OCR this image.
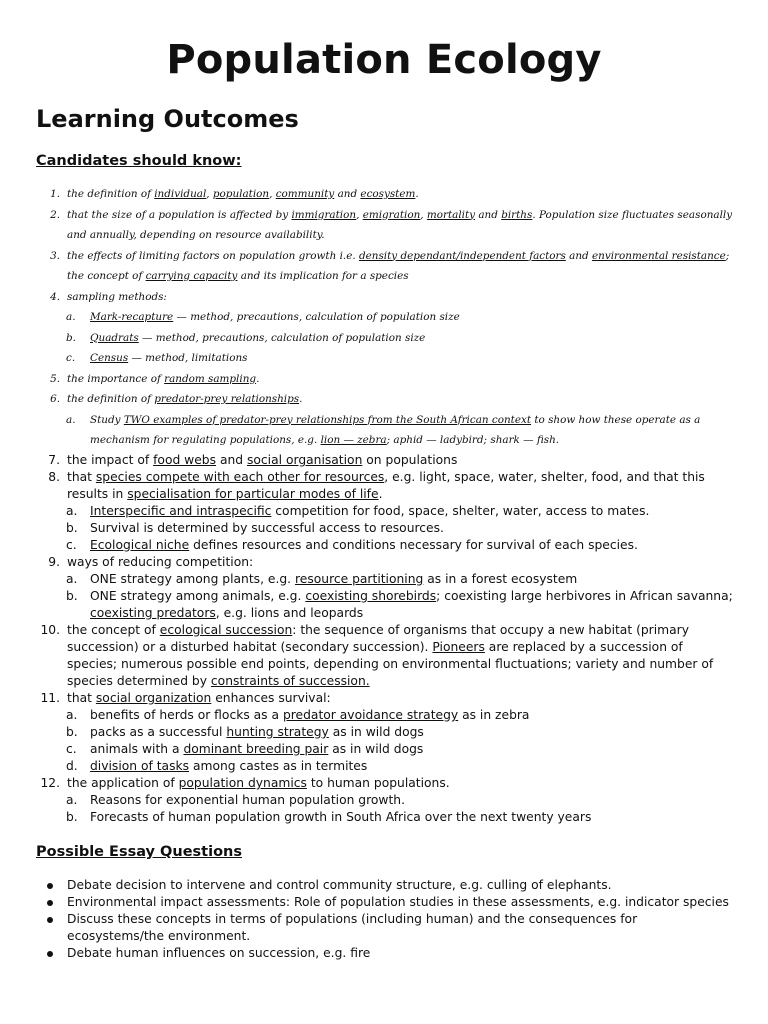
Population Ecology
Learning Outcomes
Candidates should know:
1. the definition of individual, population, community and ecosystem.
2. that the size of a population is affected by immigration, emigration, mortality and births. Population size fluctuates seasonally and annually, depending on resource availability.
3. the effects of limiting factors on population growth i.e. density dependant/independent factors and environmental resistance; the concept of carrying capacity and its implication for a species
4. sampling methods:
a.	Mark-recapture — method, precautions, calculation of population size
b.	Quadrats — method, precautions, calculation of population size
c.	Census — method, limitations
5. the importance of random sampling.
6. the definition of predator-prey relationships.
a.	Study TWO examples of predator-prey relationships from the South African context to show how these operate as a mechanism for regulating populations, e.g. lion — zebra; aphid — ladybird; shark — fish.
7. the impact of food webs and social organisation on populations
8. that species compete with each other for resources, e.g. light, space, water, shelter, food, and that this results in specialisation for particular modes of life.
a. Interspecific and intraspecific competition for food, space, shelter, water, access to mates.
b. Survival is determined by successful access to resources.
c. Ecological niche defines resources and conditions necessary for survival of each species.
9. ways of reducing competition:
a. ONE strategy among plants, e.g. resource partitioning as in a forest ecosystem
b. ONE strategy among animals, e.g. coexisting shorebirds; coexisting large herbivores in African savanna; coexisting predators, e.g. lions and leopards
10. the concept of ecological succession: the sequence of organisms that occupy a new habitat (primary succession) or a disturbed habitat (secondary succession). Pioneers are replaced by a succession of species; numerous possible end points, depending on environmental fluctuations; variety and number of species determined by constraints of succession.
11. that social organization enhances survival:
a. benefits of herds or flocks as a predator avoidance strategy as in zebra
b. packs as a successful hunting strategy as in wild dogs
c. animals with a dominant breeding pair as in wild dogs
d. division of tasks among castes as in termites
12. the application of population dynamics to human populations.
a. Reasons for exponential human population growth.
b. Forecasts of human population growth in South Africa over the next twenty years
Possible Essay Questions
Debate decision to intervene and control community structure, e.g. culling of elephants.
Environmental impact assessments: Role of population studies in these assessments, e.g. indicator species
Discuss these concepts in terms of populations (including human) and the consequences for ecosystems/the environment.
Debate human influences on succession, e.g. fire
